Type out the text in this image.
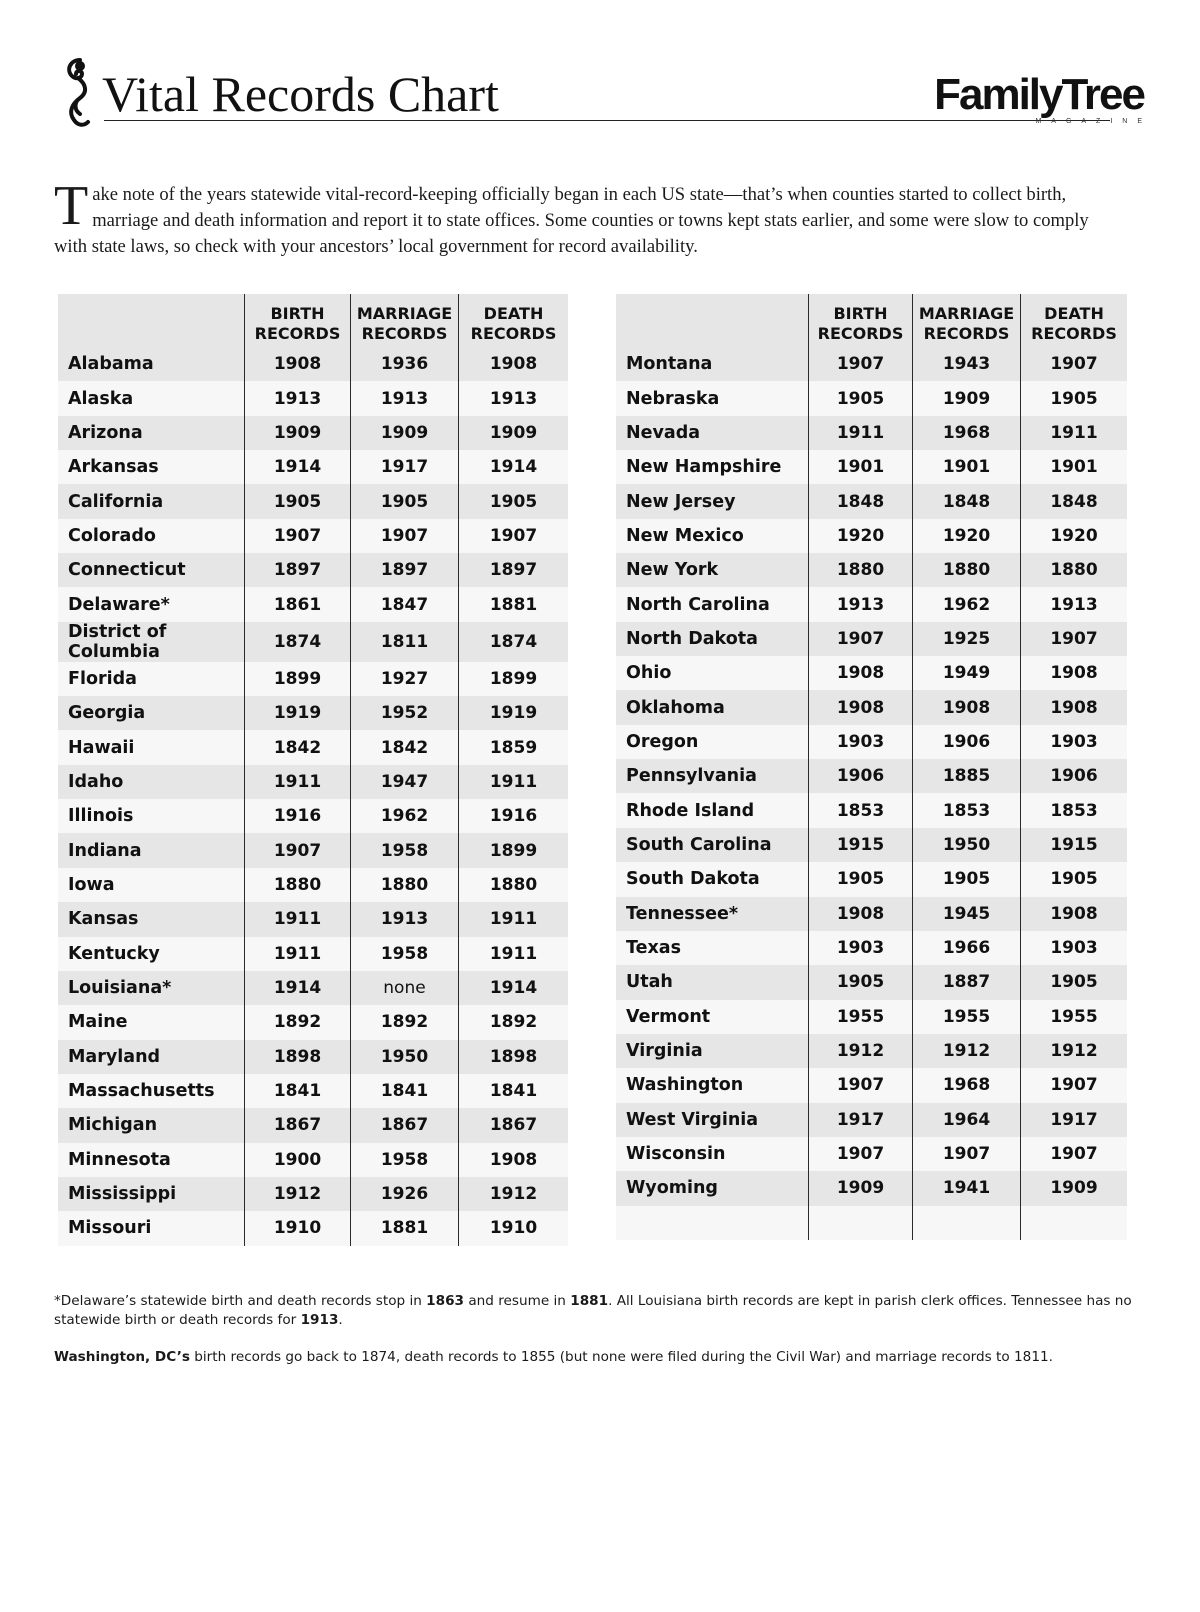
Vital Records Chart	FamilyTree
MAGAZINE
Take note of the years statewide vital-record-keeping officially began in each US state—that’s when counties started to collect birth, marriage and death information and report it to state offices. Some counties or towns kept stats earlier, and some were slow to comply with state laws, so check with your ancestors’ local government for record availability.
	BIRTH RECORDS	MARRIAGE RECORDS	DEATH RECORDS
Alabama	1908	1936	1908
Alaska	1913	1913	1913
Arizona	1909	1909	1909
Arkansas	1914	1917	1914
California	1905	1905	1905
Colorado	1907	1907	1907
Connecticut	1897	1897	1897
Delaware*	1861	1847	1881
District of Columbia	1874	1811	1874
Florida	1899	1927	1899
Georgia	1919	1952	1919
Hawaii	1842	1842	1859
Idaho	1911	1947	1911
Illinois	1916	1962	1916
Indiana	1907	1958	1899
Iowa	1880	1880	1880
Kansas	1911	1913	1911
Kentucky	1911	1958	1911
Louisiana*	1914	none	1914
Maine	1892	1892	1892
Maryland	1898	1950	1898
Massachusetts	1841	1841	1841
Michigan	1867	1867	1867
Minnesota	1900	1958	1908
Mississippi	1912	1926	1912
Missouri	1910	1881	1910
	BIRTH RECORDS	MARRIAGE RECORDS	DEATH RECORDS
Montana	1907	1943	1907
Nebraska	1905	1909	1905
Nevada	1911	1968	1911
New Hampshire	1901	1901	1901
New Jersey	1848	1848	1848
New Mexico	1920	1920	1920
New York	1880	1880	1880
North Carolina	1913	1962	1913
North Dakota	1907	1925	1907
Ohio	1908	1949	1908
Oklahoma	1908	1908	1908
Oregon	1903	1906	1903
Pennsylvania	1906	1885	1906
Rhode Island	1853	1853	1853
South Carolina	1915	1950	1915
South Dakota	1905	1905	1905
Tennessee*	1908	1945	1908
Texas	1903	1966	1903
Utah	1905	1887	1905
Vermont	1955	1955	1955
Virginia	1912	1912	1912
Washington	1907	1968	1907
West Virginia	1917	1964	1917
Wisconsin	1907	1907	1907
Wyoming	1909	1941	1909

*Delaware’s statewide birth and death records stop in 1863 and resume in 1881. All Louisiana birth records are kept in parish clerk offices. Tennessee has no statewide birth or death records for 1913.

Washington, DC’s birth records go back to 1874, death records to 1855 (but none were filed during the Civil War) and marriage records to 1811.
